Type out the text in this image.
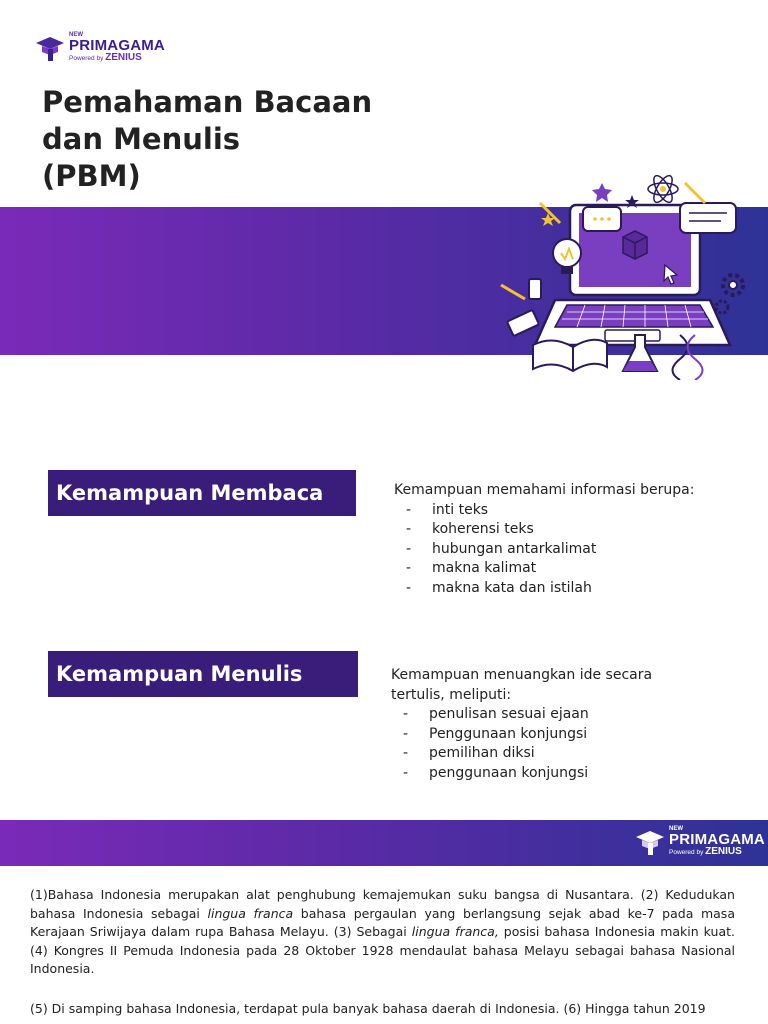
NEW
PRIMAGAMA
Powered by ZENIUS
Pemahaman Bacaan
dan Menulis
(PBM)
Kemampuan Membaca	Kemampuan memahami informasi berupa:
- inti teks
- koherensi teks
- hubungan antarkalimat
- makna kalimat
- makna kata dan istilah
Kemampuan Menulis	Kemampuan menuangkan ide secara
tertulis, meliputi:
- penulisan sesuai ejaan
- Penggunaan konjungsi
- pemilihan diksi
- penggunaan konjungsi
NEW
PRIMAGAMA
Powered by ZENIUS

(1)Bahasa Indonesia merupakan alat penghubung kemajemukan suku bangsa di Nusantara. (2) Kedudukan bahasa Indonesia sebagai lingua franca bahasa pergaulan yang berlangsung sejak abad ke-7 pada masa Kerajaan Sriwijaya dalam rupa Bahasa Melayu. (3) Sebagai lingua franca, posisi bahasa Indonesia makin kuat. (4) Kongres II Pemuda Indonesia pada 28 Oktober 1928 mendaulat bahasa Melayu sebagai bahasa Nasional Indonesia.

(5) Di samping bahasa Indonesia, terdapat pula banyak bahasa daerah di Indonesia. (6) Hingga tahun 2019
